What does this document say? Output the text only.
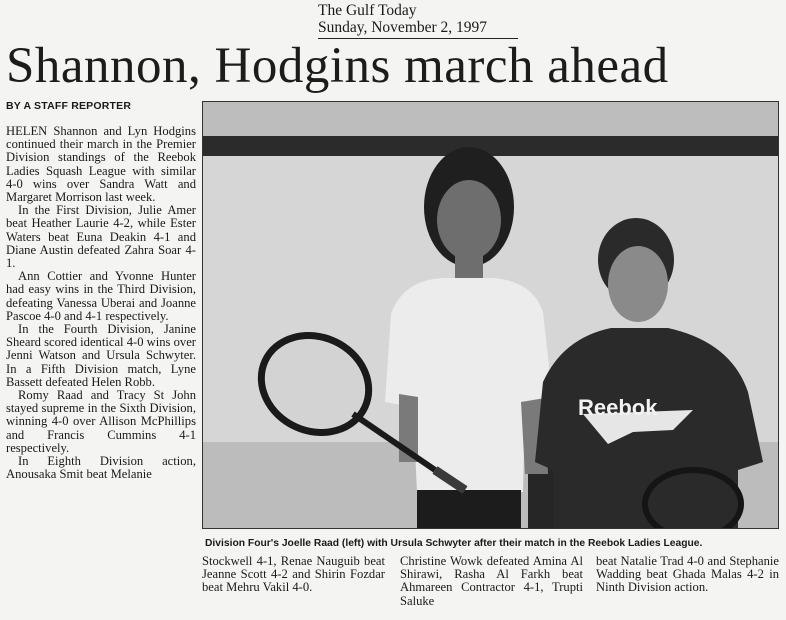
The Gulf Today
Sunday, November 2, 1997
Shannon, Hodgins march ahead
BY A STAFF REPORTER

HELEN Shannon and Lyn Hodgins continued their march in the Premier Division standings of the Reebok Ladies Squash League with similar 4-0 wins over Sandra Watt and Margaret Morrison last week.

In the First Division, Julie Amer beat Heather Laurie 4-2, while Ester Waters beat Euna Deakin 4-1 and Diane Austin defeated Zahra Soar 4-1.

Ann Cottier and Yvonne Hunter had easy wins in the Third Division, defeating Vanessa Uberai and Joanne Pascoe 4-0 and 4-1 respectively.

In the Fourth Division, Janine Sheard scored identical 4-0 wins over Jenni Watson and Ursula Schwyter. In a Fifth Division match, Lyne Bassett defeated Helen Robb.

Romy Raad and Tracy St John stayed supreme in the Sixth Division, winning 4-0 over Allison McPhillips and Francis Cummins 4-1 respectively.

In Eighth Division action, Anousaka Smit beat Melanie

Reebok
Division Four's Joelle Raad (left) with Ursula Schwyter after their match in the Reebok Ladies League.

Stockwell 4-1, Renae Nauguib beat Jeanne Scott 4-2 and Shirin Fozdar beat Mehru Vakil 4-0.

Christine Wowk defeated Amina Al Shirawi, Rasha Al Farkh beat Ahmareen Contractor 4-1, Trupti Saluke

beat Natalie Trad 4-0 and Stephanie Wadding beat Ghada Malas 4-2 in Ninth Division action.
